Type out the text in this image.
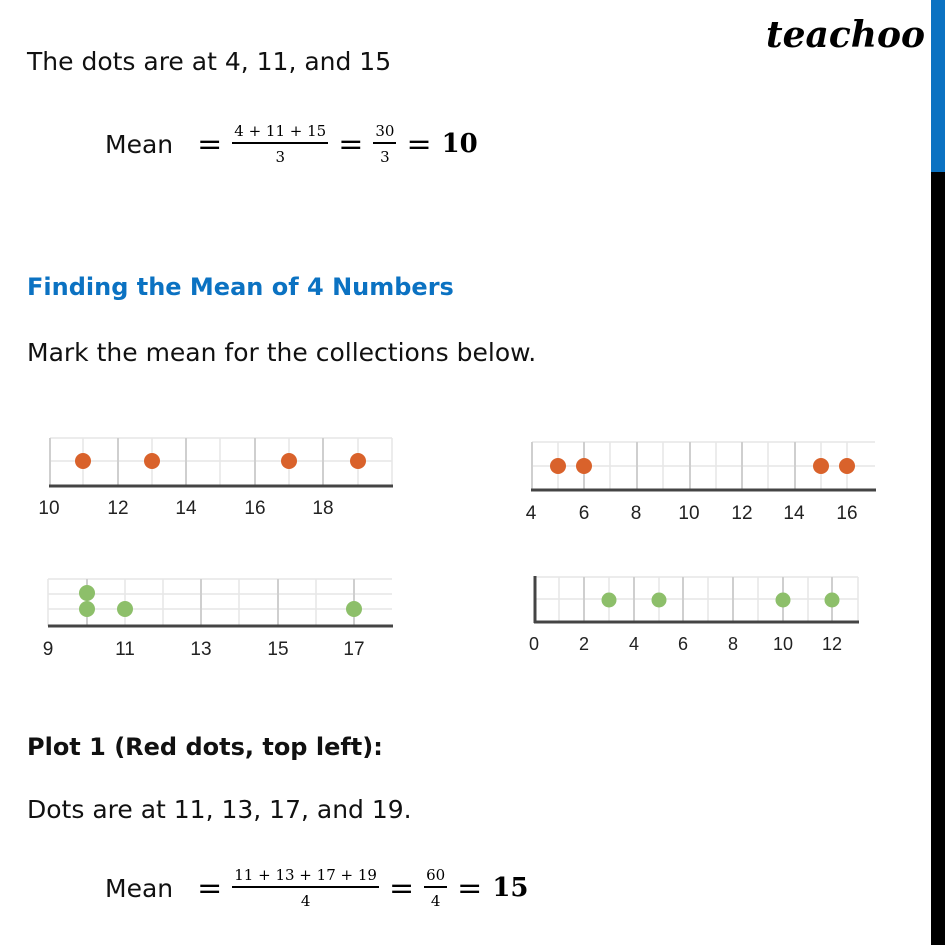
teachoo
The dots are at 4, 11, and 15
Mean = $\frac{4 + 11 + 15}{3} = \frac{30}{3} = 10$
Finding the Mean of 4 Numbers
Mark the mean for the collections below.
10	12 14	16 18	4 6 8 10 12 14 16
9	11	13	15	17	0 2 4 6 8 10 12
Plot 1 (Red dots, top left):
Dots are at 11, 13, 17, and 19.
Mean = $\frac{11 + 13 + 17 + 19}{4} = \frac{60}{4} = 15$
